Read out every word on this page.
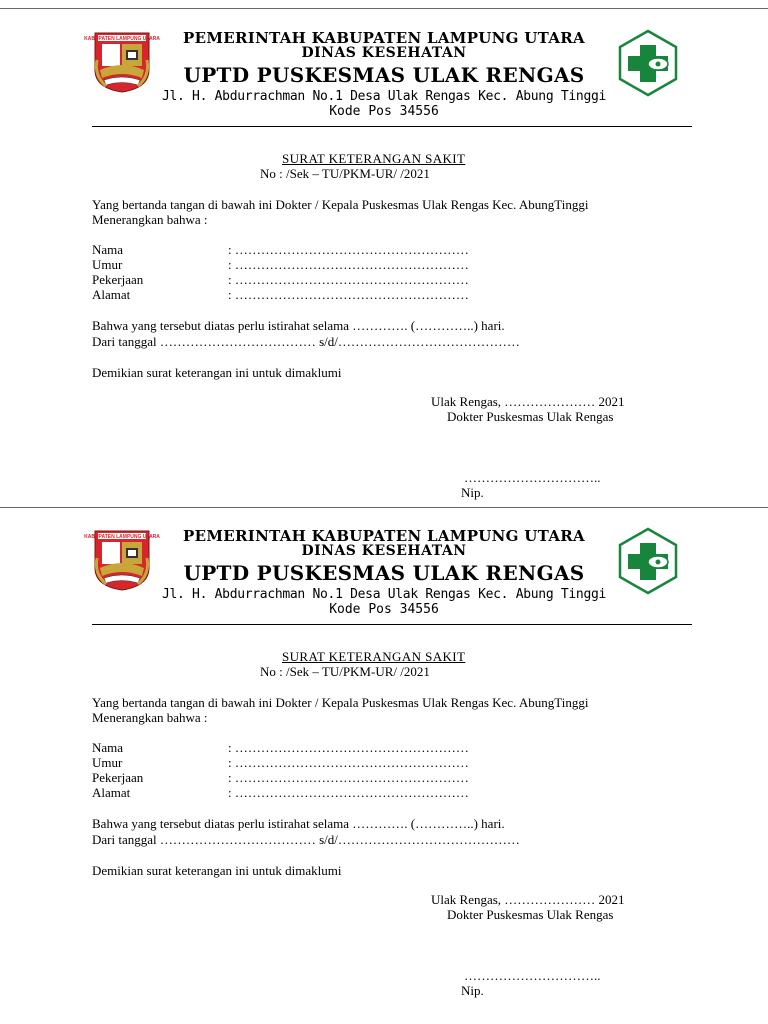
KABUPATEN LAMPUNG UTARA	PEMERINTAH KABUPATEN LAMPUNG UTARA
DINAS KESEHATAN
UPTD PUSKESMAS ULAK RENGAS
Jl. H. Abdurrachman No.1 Desa Ulak Rengas Kec. Abung Tinggi
Kode Pos 34556
SURAT KETERANGAN SAKIT
No : /Sek – TU/PKM-UR/ /2021
Yang bertanda tangan di bawah ini Dokter / Kepala Puskesmas Ulak Rengas Kec. AbungTinggi
Menerangkan bahwa :
Nama	: ………………………………………………
Umur	: ………………………………………………
Pekerjaan	: ………………………………………………
Alamat	: ………………………………………………
Bahwa yang tersebut diatas perlu istirahat selama …………. (…………..) hari.
Dari tanggal ……………………………… s/d/……………………………………
Demikian surat keterangan ini untuk dimaklumi
Ulak Rengas, ………………… 2021
Dokter Puskesmas Ulak Rengas
…………………………..
Nip.
KABUPATEN LAMPUNG UTARA	PEMERINTAH KABUPATEN LAMPUNG UTARA
DINAS KESEHATAN
UPTD PUSKESMAS ULAK RENGAS
Jl. H. Abdurrachman No.1 Desa Ulak Rengas Kec. Abung Tinggi
Kode Pos 34556
SURAT KETERANGAN SAKIT
No : /Sek – TU/PKM-UR/ /2021
Yang bertanda tangan di bawah ini Dokter / Kepala Puskesmas Ulak Rengas Kec. AbungTinggi
Menerangkan bahwa :
Nama	: ………………………………………………
Umur	: ………………………………………………
Pekerjaan	: ………………………………………………
Alamat	: ………………………………………………
Bahwa yang tersebut diatas perlu istirahat selama …………. (…………..) hari.
Dari tanggal ……………………………… s/d/……………………………………
Demikian surat keterangan ini untuk dimaklumi
Ulak Rengas, ………………… 2021
Dokter Puskesmas Ulak Rengas
…………………………..
Nip.
